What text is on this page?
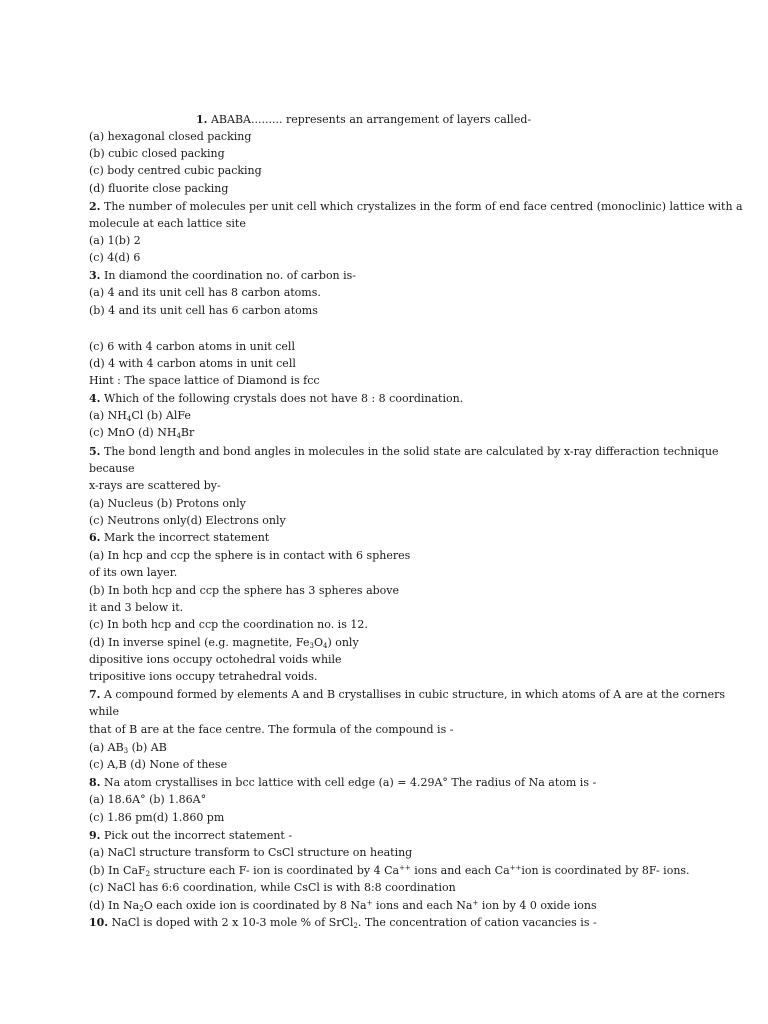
1. ABABA......... represents an arrangement of layers called-
(a) hexagonal closed packing
(b) cubic closed packing
(c) body centred cubic packing
(d) fluorite close packing
2. The number of molecules per unit cell which crystalizes in the form of end face centred (monoclinic) lattice with a
molecule at each lattice site
(a) 1(b) 2
(c) 4(d) 6
3. In diamond the coordination no. of carbon is-
(a) 4 and its unit cell has 8 carbon atoms.
(b) 4 and its unit cell has 6 carbon atoms
(c) 6 with 4 carbon atoms in unit cell
(d) 4 with 4 carbon atoms in unit cell
Hint : The space lattice of Diamond is fcc
4. Which of the following crystals does not have 8 : 8 coordination.
(a) $NH_4Cl$ (b) AlFe
(c) MnO (d) $NH_4Br$
5. The bond length and bond angles in molecules in the solid state are calculated by x-ray differaction technique
because
x-rays are scattered by-
(a) Nucleus (b) Protons only
(c) Neutrons only(d) Electrons only
6. Mark the incorrect statement
(a) In hcp and ccp the sphere is in contact with 6 spheres
of its own layer.
(b) In both hcp and ccp the sphere has 3 spheres above
it and 3 below it.
(c) In both hcp and ccp the coordination no. is 12.
(d) In inverse spinel (e.g. magnetite, $Fe_3O_4$) only
dipositive ions occupy octohedral voids while
tripositive ions occupy tetrahedral voids.
7. A compound formed by elements A and B crystallises in cubic structure, in which atoms of A are at the corners
while
that of B are at the face centre. The formula of the compound is -
(a) $AB_3$ (b) AB
(c) A,B (d) None of these
8. Na atom crystallises in bcc lattice with cell edge (a) = 4.29A° The radius of Na atom is -
(a) 18.6A° (b) 1.86A°
(c) 1.86 pm(d) 1.860 pm
9. Pick out the incorrect statement -
(a) NaCl structure transform to CsCl structure on heating
(b) In CaF$_2$ structure each F- ion is coordinated by 4 Ca++ ions and each Ca++ion is coordinated by 8F- ions.
(c) NaCl has 6:6 coordination, while CsCl is with 8:8 coordination
(d) In $Na_2O$ each oxide ion is coordinated by 8 Na+ ions and each Na+ ion by 4 0 oxide ions
10. NaCl is doped with 2 x 10-3 mole % of SrCl$_2$. The concentration of cation vacancies is -
